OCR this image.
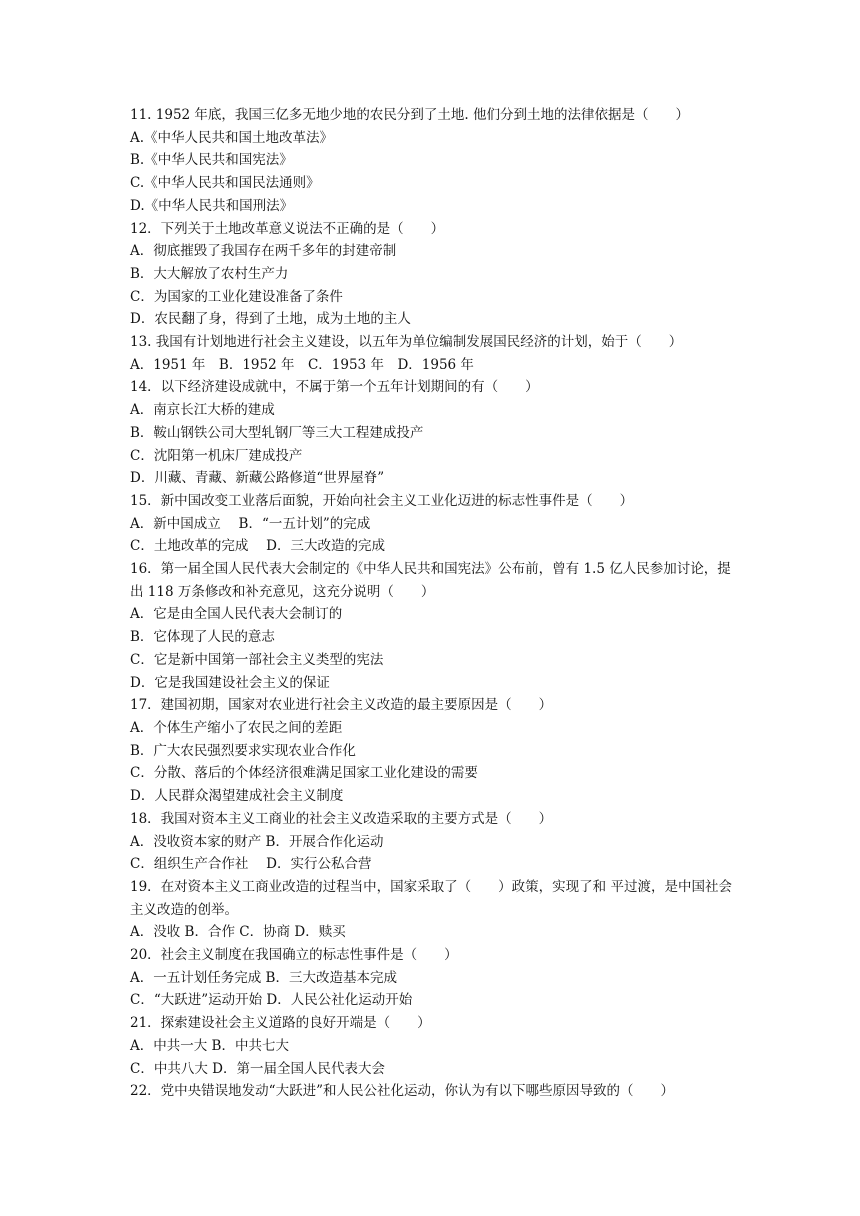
11. 1952 年底，我国三亿多无地少地的农民分到了土地. 他们分到土地的法律依据是（　　）
A.《中华人民共和国土地改革法》
B.《中华人民共和国宪法》
C.《中华人民共和国民法通则》
D.《中华人民共和国刑法》
12．下列关于土地改革意义说法不正确的是（　　）
A．彻底摧毁了我国存在两千多年的封建帝制
B．大大解放了农村生产力
C．为国家的工业化建设准备了条件
D．农民翻了身，得到了土地，成为土地的主人
13. 我国有计划地进行社会主义建设，以五年为单位编制发展国民经济的计划，始于（　　）
A．1951 年　B．1952 年　C．1953 年　D．1956 年
14．以下经济建设成就中，不属于第一个五年计划期间的有（　　）
A．南京长江大桥的建成
B．鞍山钢铁公司大型轧钢厂等三大工程建成投产
C．沈阳第一机床厂建成投产
D．川藏、青藏、新藏公路修道“世界屋脊”
15．新中国改变工业落后面貌，开始向社会主义工业化迈进的标志性事件是（　　）
A．新中国成立　 B．“一五计划”的完成
C．土地改革的完成　 D．三大改造的完成
16．第一届全国人民代表大会制定的《中华人民共和国宪法》公布前，曾有 1.5 亿人民参加讨论，提出 118 万条修改和补充意见，这充分说明（　　）
A．它是由全国人民代表大会制订的
B．它体现了人民的意志
C．它是新中国第一部社会主义类型的宪法
D．它是我国建设社会主义的保证
17．建国初期，国家对农业进行社会主义改造的最主要原因是（　　）
A．个体生产缩小了农民之间的差距
B．广大农民强烈要求实现农业合作化
C．分散、落后的个体经济很难满足国家工业化建设的需要
D．人民群众渴望建成社会主义制度
18．我国对资本主义工商业的社会主义改造采取的主要方式是（　　）
A．没收资本家的财产 B．开展合作化运动
C．组织生产合作社　 D．实行公私合营
19．在对资本主义工商业改造的过程当中，国家采取了（　　）政策，实现了和 平过渡，是中国社会主义改造的创举。
A．没收 B．合作 C．协商 D．赎买
20．社会主义制度在我国确立的标志性事件是（　　）
A．一五计划任务完成 B．三大改造基本完成
C．“大跃进”运动开始 D．人民公社化运动开始
21．探索建设社会主义道路的良好开端是（　　）
A．中共一大 B．中共七大
C．中共八大 D．第一届全国人民代表大会
22．党中央错误地发动“大跃进”和人民公社化运动，你认为有以下哪些原因导致的（　　）
